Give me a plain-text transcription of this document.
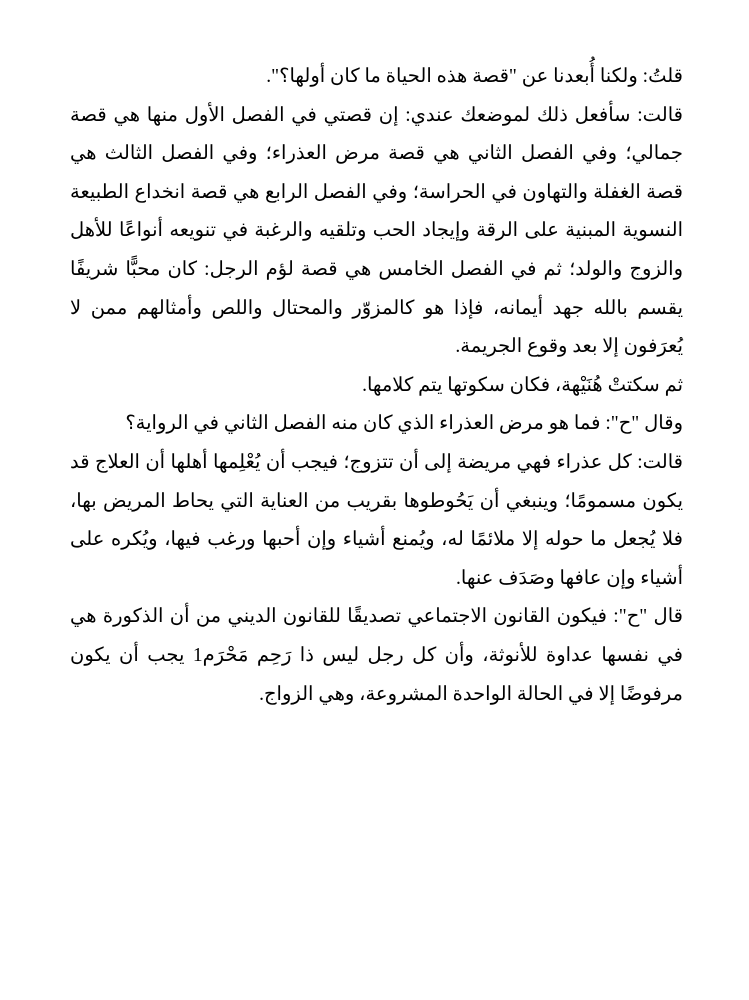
قلتُ: ولكنا أُبعدنا عن "قصة هذه الحياة ما كان أولها؟".

قالت: سأفعل ذلك لموضعك عندي: إن قصتي في الفصل الأول منها هي قصة جمالي؛ وفي الفصل الثاني هي قصة مرض العذراء؛ وفي الفصل الثالث هي قصة الغفلة والتهاون في الحراسة؛ وفي الفصل الرابع هي قصة انخداع الطبيعة النسوية المبنية على الرقة وإيجاد الحب وتلقيه والرغبة في تنويعه أنواعًا للأهل والزوج والولد؛ ثم في الفصل الخامس هي قصة لؤم الرجل: كان محبًّا شريفًا يقسم بالله جهد أيمانه، فإذا هو كالمزوّر والمحتال واللص وأمثالهم ممن لا يُعرَفون إلا بعد وقوع الجريمة.

ثم سكتتْ هُنَيْهة، فكان سكوتها يتم كلامها.

وقال "ح": فما هو مرض العذراء الذي كان منه الفصل الثاني في الرواية؟

قالت: كل عذراء فهي مريضة إلى أن تتزوج؛ فيجب أن يُعْلِمها أهلها أن العلاج قد يكون مسمومًا؛ وينبغي أن يَحُوطوها بقريب من العناية التي يحاط المريض بها، فلا يُجعل ما حوله إلا ملائمًا له، ويُمنع أشياء وإن أحبها ورغب فيها، ويُكره على أشياء وإن عافها وصَدَف عنها.

قال "ح": فيكون القانون الاجتماعي تصديقًا للقانون الديني من أن الذكورة هي في نفسها عداوة للأنوثة، وأن كل رجل ليس ذا رَحِم مَحْرَم1 يجب أن يكون مرفوضًا إلا في الحالة الواحدة المشروعة، وهي الزواج.
